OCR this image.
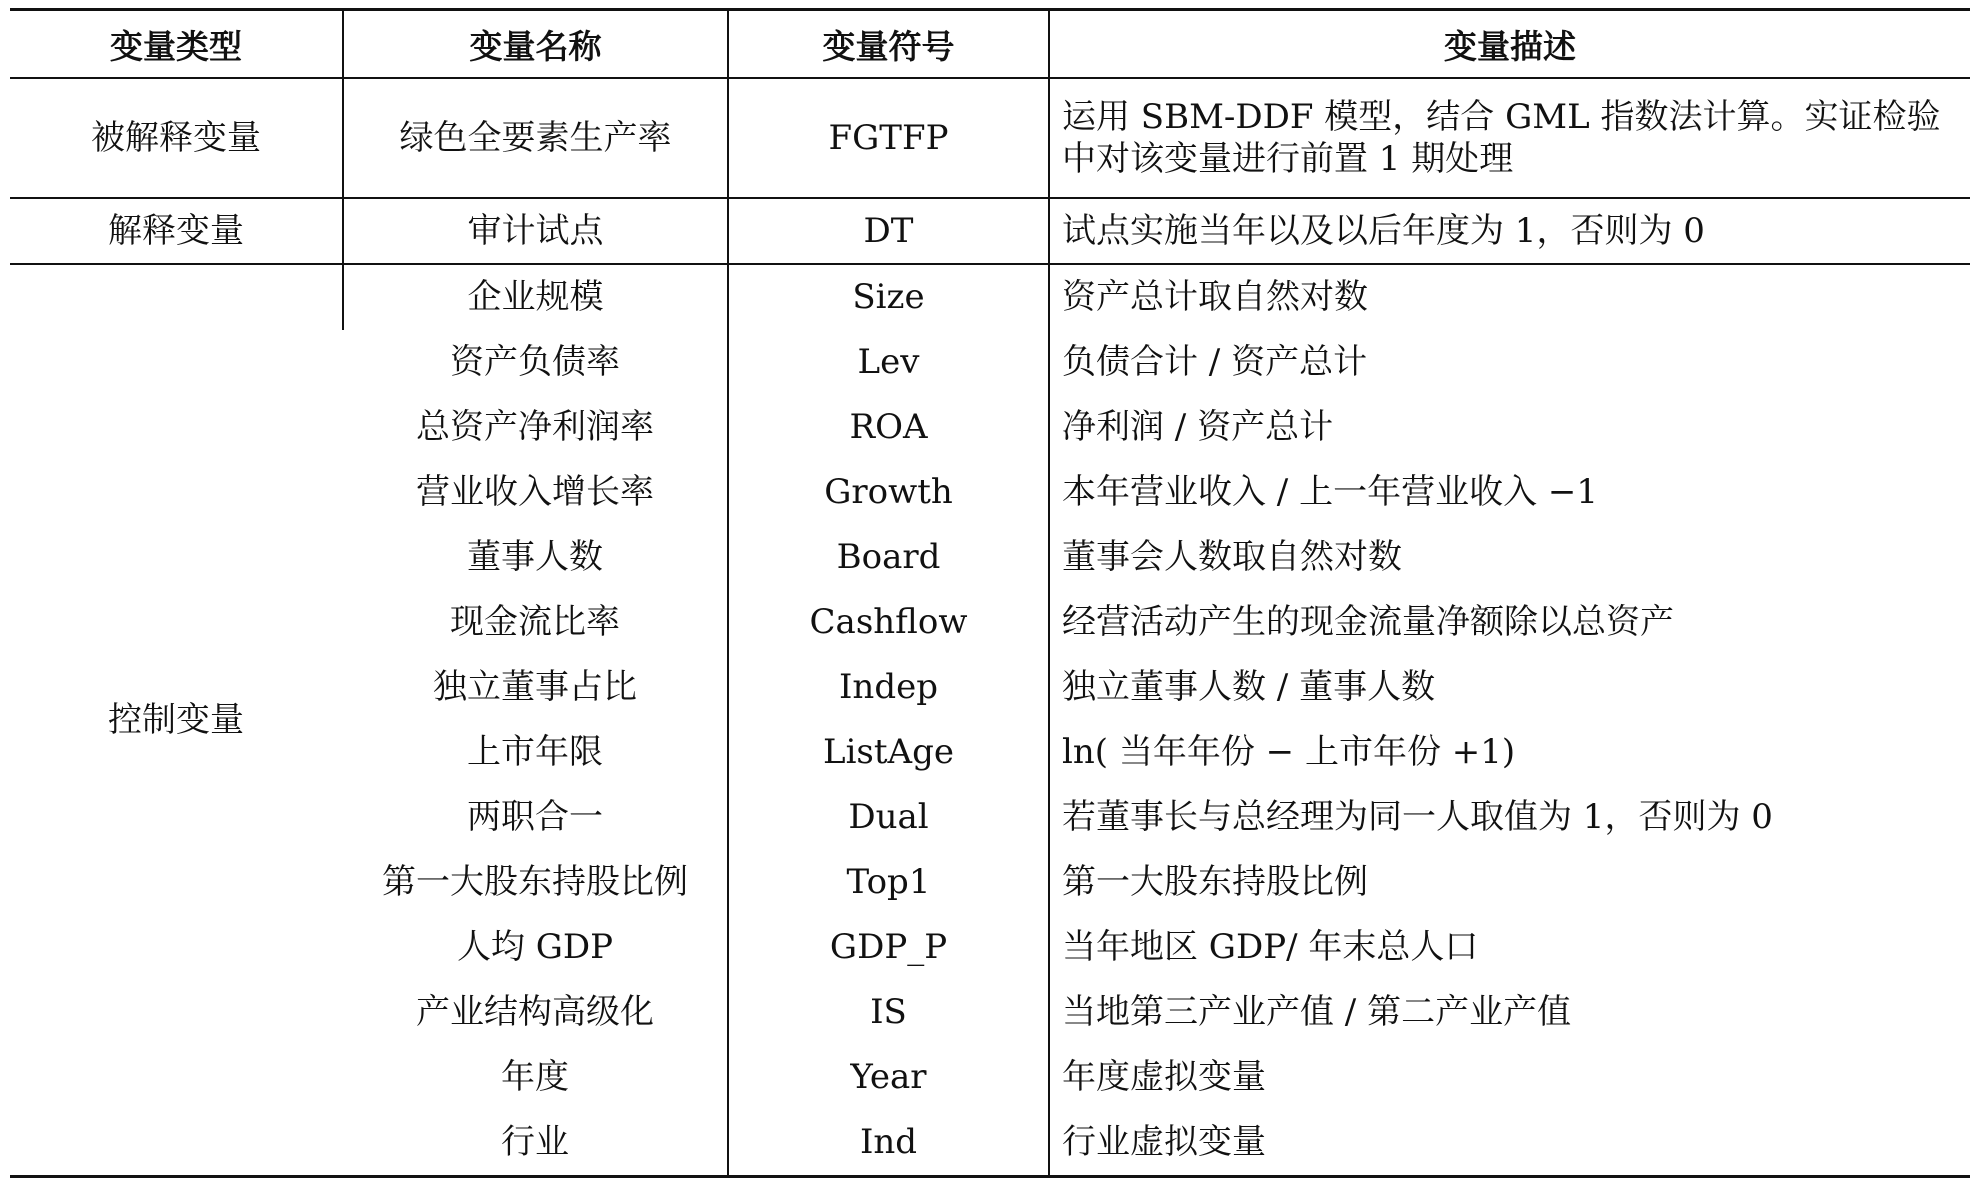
变量类型	变量名称	变量符号	变量描述
被解释变量	绿色全要素生产率	FGTFP	运用 SBM-DDF 模型，结合 GML 指数法计算。实证检验中对该变量进行前置 1 期处理
解释变量	审计试点	DT	试点实施当年以及以后年度为 1，否则为 0
控制变量	企业规模	Size	资产总计取自然对数
	资产负债率	Lev	负债合计 / 资产总计
	总资产净利润率	ROA	净利润 / 资产总计
	营业收入增长率	Growth	本年营业收入 / 上一年营业收入 −1
	董事人数	Board	董事会人数取自然对数
	现金流比率	Cashflow	经营活动产生的现金流量净额除以总资产
	独立董事占比	Indep	独立董事人数 / 董事人数
	上市年限	ListAge	ln( 当年年份 − 上市年份 +1)
	两职合一	Dual	若董事长与总经理为同一人取值为 1，否则为 0
	第一大股东持股比例	Top1	第一大股东持股比例
	人均 GDP	GDP_P	当年地区 GDP/ 年末总人口
	产业结构高级化	IS	当地第三产业产值 / 第二产业产值
	年度	Year	年度虚拟变量
	行业	Ind	行业虚拟变量
